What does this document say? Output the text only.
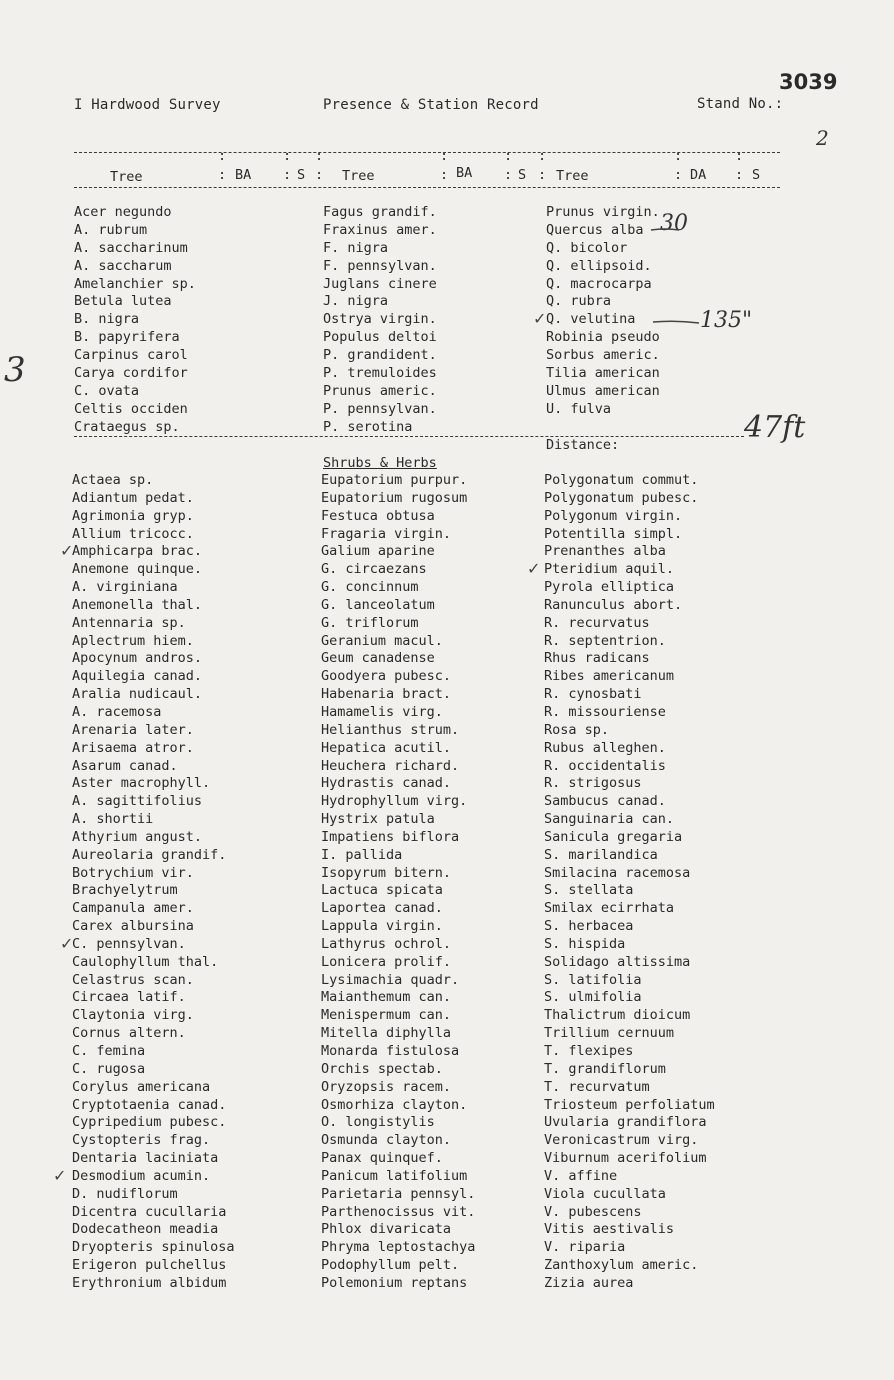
I Hardwood Survey	Presence & Station Record	Stand No.:
3039
2
Tree	: BA : S : Tree	: BA : S : Tree	: DA : S
:	: :	:	: :	:	:
Acer negundo
A. rubrum
A. saccharinum
A. saccharum
Amelanchier sp.
Betula lutea
B. nigra
B. papyrifera
Carpinus carol
Carya cordifor
C. ovata
Celtis occiden
Crataegus sp.
Fagus grandif.
Fraxinus amer.
F. nigra
F. pennsylvan.
Juglans cinere
J. nigra
Ostrya virgin.
Populus deltoi
P. grandident.
P. tremuloides
Prunus americ.
P. pennsylvan.
P. serotina
Prunus virgin.
Quercus alba
Q. bicolor
Q. ellipsoid.
Q. macrocarpa
Q. rubra
Q. velutina
Robinia pseudo
Sorbus americ.
Tilia american
Ulmus american
U. fulva
30
135"
47ft
3
Distance:
Shrubs & Herbs
Actaea sp.
Adiantum pedat.
Agrimonia gryp.
Allium tricocc.
Amphicarpa brac.
Anemone quinque.
A. virginiana
Anemonella thal.
Antennaria sp.
Aplectrum hiem.
Apocynum andros.
Aquilegia canad.
Aralia nudicaul.
A. racemosa
Arenaria later.
Arisaema atror.
Asarum canad.
Aster macrophyll.
A. sagittifolius
A. shortii
Athyrium angust.
Aureolaria grandif.
Botrychium vir.
Brachyelytrum
Campanula amer.
Carex albursina
C. pennsylvan.
Caulophyllum thal.
Celastrus scan.
Circaea latif.
Claytonia virg.
Cornus altern.
C. femina
C. rugosa
Corylus americana
Cryptotaenia canad.
Cypripedium pubesc.
Cystopteris frag.
Dentaria laciniata
Desmodium acumin.
D. nudiflorum
Dicentra cucullaria
Dodecatheon meadia
Dryopteris spinulosa
Erigeron pulchellus
Erythronium albidum
Eupatorium purpur.
Eupatorium rugosum
Festuca obtusa
Fragaria virgin.
Galium aparine
G. circaezans
G. concinnum
G. lanceolatum
G. triflorum
Geranium macul.
Geum canadense
Goodyera pubesc.
Habenaria bract.
Hamamelis virg.
Helianthus strum.
Hepatica acutil.
Heuchera richard.
Hydrastis canad.
Hydrophyllum virg.
Hystrix patula
Impatiens biflora
I. pallida
Isopyrum bitern.
Lactuca spicata
Laportea canad.
Lappula virgin.
Lathyrus ochrol.
Lonicera prolif.
Lysimachia quadr.
Maianthemum can.
Menispermum can.
Mitella diphylla
Monarda fistulosa
Orchis spectab.
Oryzopsis racem.
Osmorhiza clayton.
O. longistylis
Osmunda clayton.
Panax quinquef.
Panicum latifolium
Parietaria pennsyl.
Parthenocissus vit.
Phlox divaricata
Phryma leptostachya
Podophyllum pelt.
Polemonium reptans
Polygonatum commut.
Polygonatum pubesc.
Polygonum virgin.
Potentilla simpl.
Prenanthes alba
Pteridium aquil.
Pyrola elliptica
Ranunculus abort.
R. recurvatus
R. septentrion.
Rhus radicans
Ribes americanum
R. cynosbati
R. missouriense
Rosa sp.
Rubus alleghen.
R. occidentalis
R. strigosus
Sambucus canad.
Sanguinaria can.
Sanicula gregaria
S. marilandica
Smilacina racemosa
S. stellata
Smilax ecirrhata
S. herbacea
S. hispida
Solidago altissima
S. latifolia
S. ulmifolia
Thalictrum dioicum
Trillium cernuum
T. flexipes
T. grandiflorum
T. recurvatum
Triosteum perfoliatum
Uvularia grandiflora
Veronicastrum virg.
Viburnum acerifolium
V. affine
Viola cucullata
V. pubescens
Vitis aestivalis
V. riparia
Zanthoxylum americ.
Zizia aurea
✓
✓
✓
✓
✓
